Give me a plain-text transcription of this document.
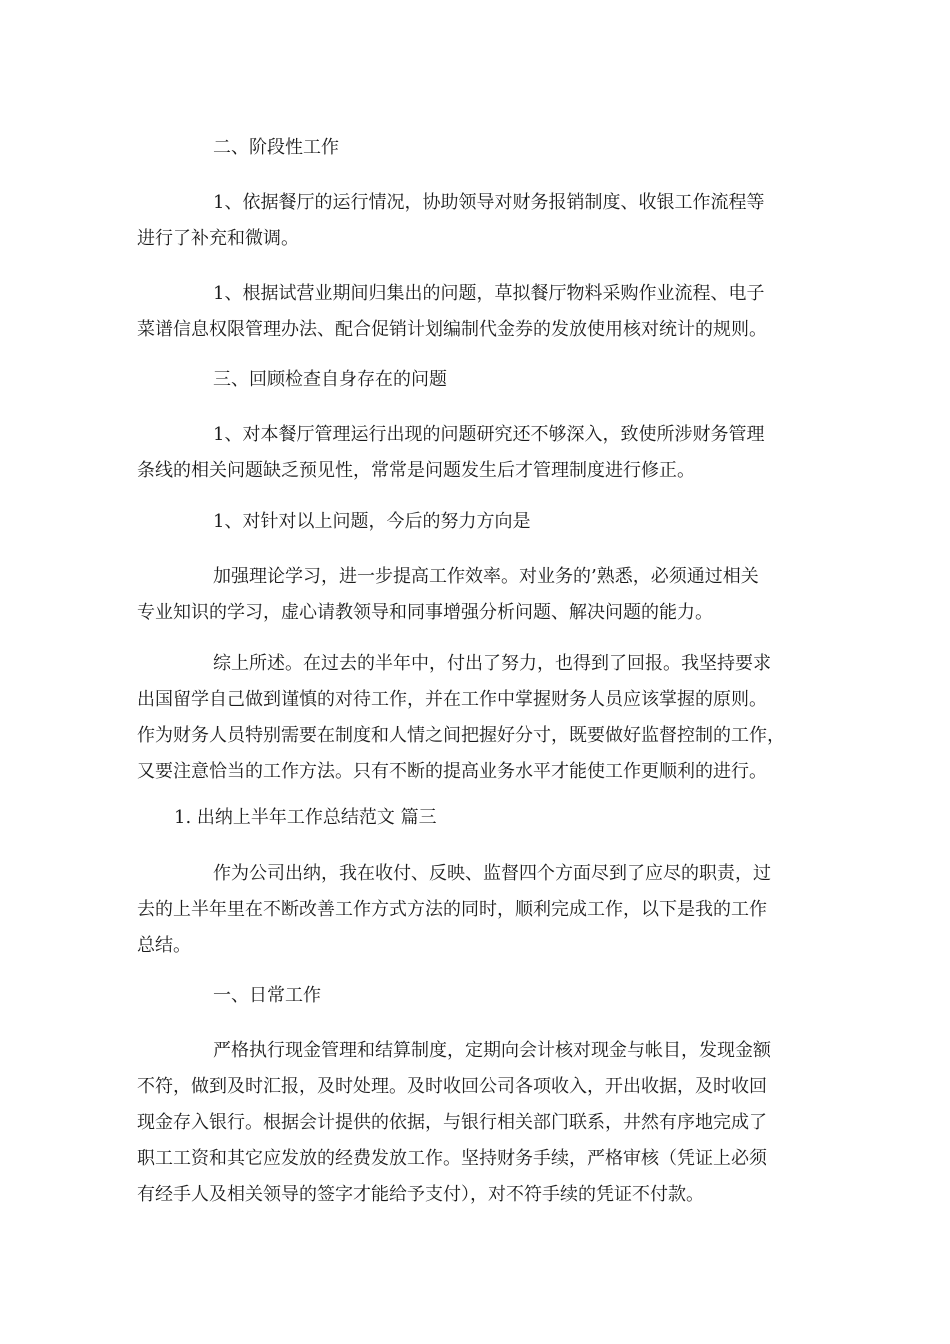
二、阶段性工作
1、依据餐厅的运行情况，协助领导对财务报销制度、收银工作流程等
进行了补充和微调。
1、根据试营业期间归集出的问题，草拟餐厅物料采购作业流程、电子
菜谱信息权限管理办法、配合促销计划编制代金券的发放使用核对统计的规则。
三、回顾检查自身存在的问题
1、对本餐厅管理运行出现的问题研究还不够深入，致使所涉财务管理
条线的相关问题缺乏预见性，常常是问题发生后才管理制度进行修正。
1、对针对以上问题，今后的努力方向是
加强理论学习，进一步提高工作效率。对业务的’熟悉，必须通过相关
专业知识的学习，虚心请教领导和同事增强分析问题、解决问题的能力。
综上所述。在过去的半年中，付出了努力，也得到了回报。我坚持要求
出国留学自己做到谨慎的对待工作，并在工作中掌握财务人员应该掌握的原则。
作为财务人员特别需要在制度和人情之间把握好分寸，既要做好监督控制的工作，
又要注意恰当的工作方法。只有不断的提高业务水平才能使工作更顺利的进行。
1. 出纳上半年工作总结范文 篇三
作为公司出纳，我在收付、反映、监督四个方面尽到了应尽的职责，过
去的上半年里在不断改善工作方式方法的同时，顺利完成工作，以下是我的工作
总结。
一、日常工作
严格执行现金管理和结算制度，定期向会计核对现金与帐目，发现金额
不符，做到及时汇报，及时处理。及时收回公司各项收入，开出收据，及时收回
现金存入银行。根据会计提供的依据，与银行相关部门联系，井然有序地完成了
职工工资和其它应发放的经费发放工作。坚持财务手续，严格审核（凭证上必须
有经手人及相关领导的签字才能给予支付），对不符手续的凭证不付款。
